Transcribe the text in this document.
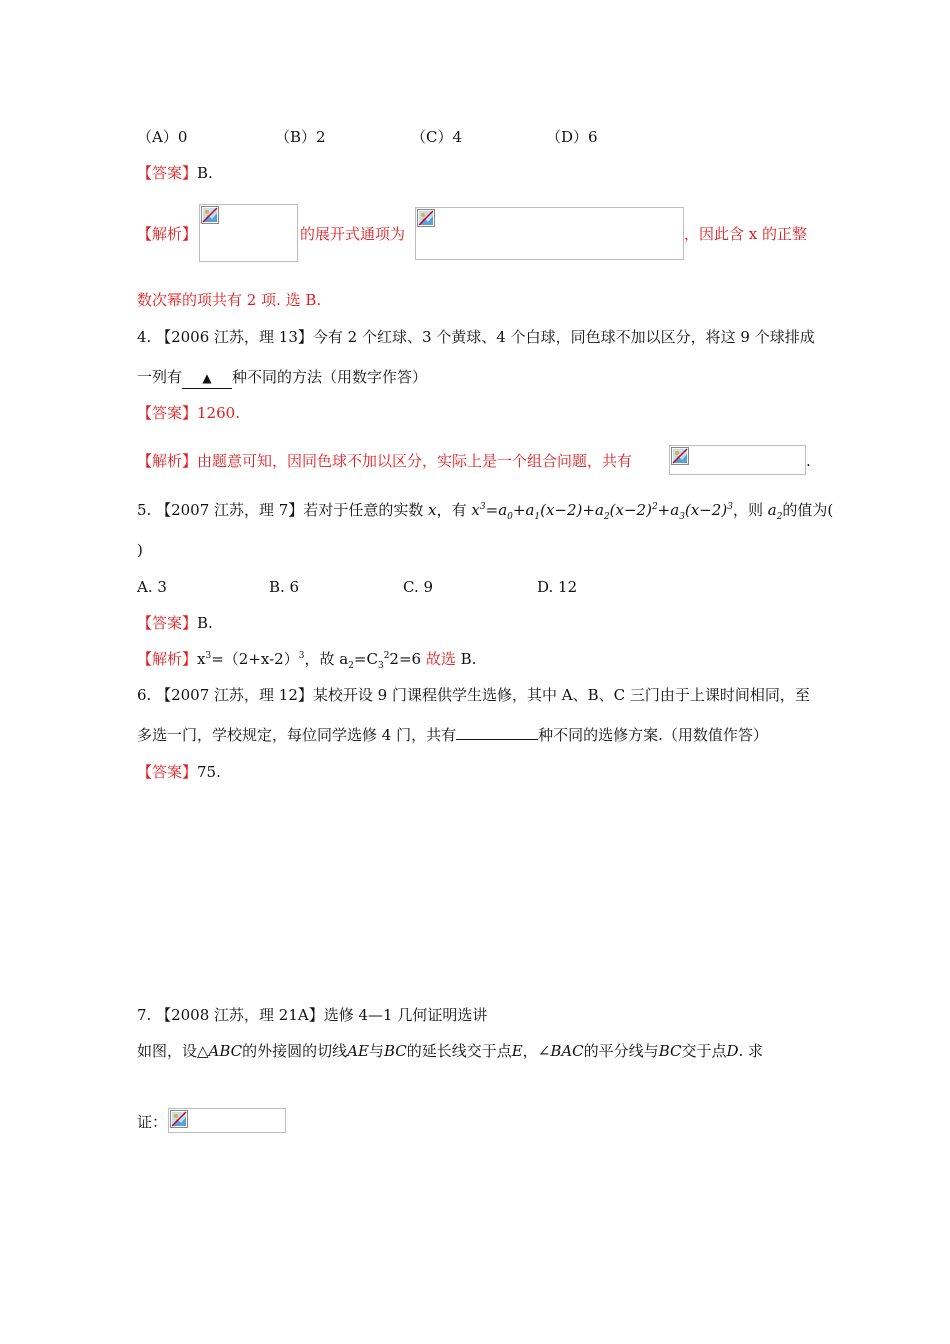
（A）0	（B）2	（C）4	（D）6
【答案】B.
【解析】	的展开式通项为	，因此含 x 的正整
数次幂的项共有 2 项. 选 B.
4. 【2006 江苏，理 13】今有 2 个红球、3 个黄球、4 个白球，同色球不加以区分，将这 9 个球排成
一列有 ▲ 种不同的方法（用数字作答）
【答案】1260.
【解析】由题意可知，因同色球不加以区分，实际上是一个组合问题，共有	.
5. 【2007 江苏，理 7】若对于任意的实数 x，有 $x^3=a_0+a_1(x-2)+a_2(x-2)^2+a_3(x-2)^3$，则 $a_2$的值为(
)
A. 3	B. 6	C. 9	D. 12
【答案】B.
【解析】$x^3=(2+x-2)^3$，故 $a_2=C_3^22=6$ 故选 B.
6. 【2007 江苏，理 12】某校开设 9 门课程供学生选修，其中 A、B、C 三门由于上课时间相同，至
多选一门，学校规定，每位同学选修 4 门，共有	种不同的选修方案.（用数值作答）
【答案】75.
7. 【2008 江苏，理 21A】选修 4—1 几何证明选讲
如图，设△ABC的外接圆的切线AE与BC的延长线交于点E，∠BAC的平分线与BC交于点D. 求
证：
